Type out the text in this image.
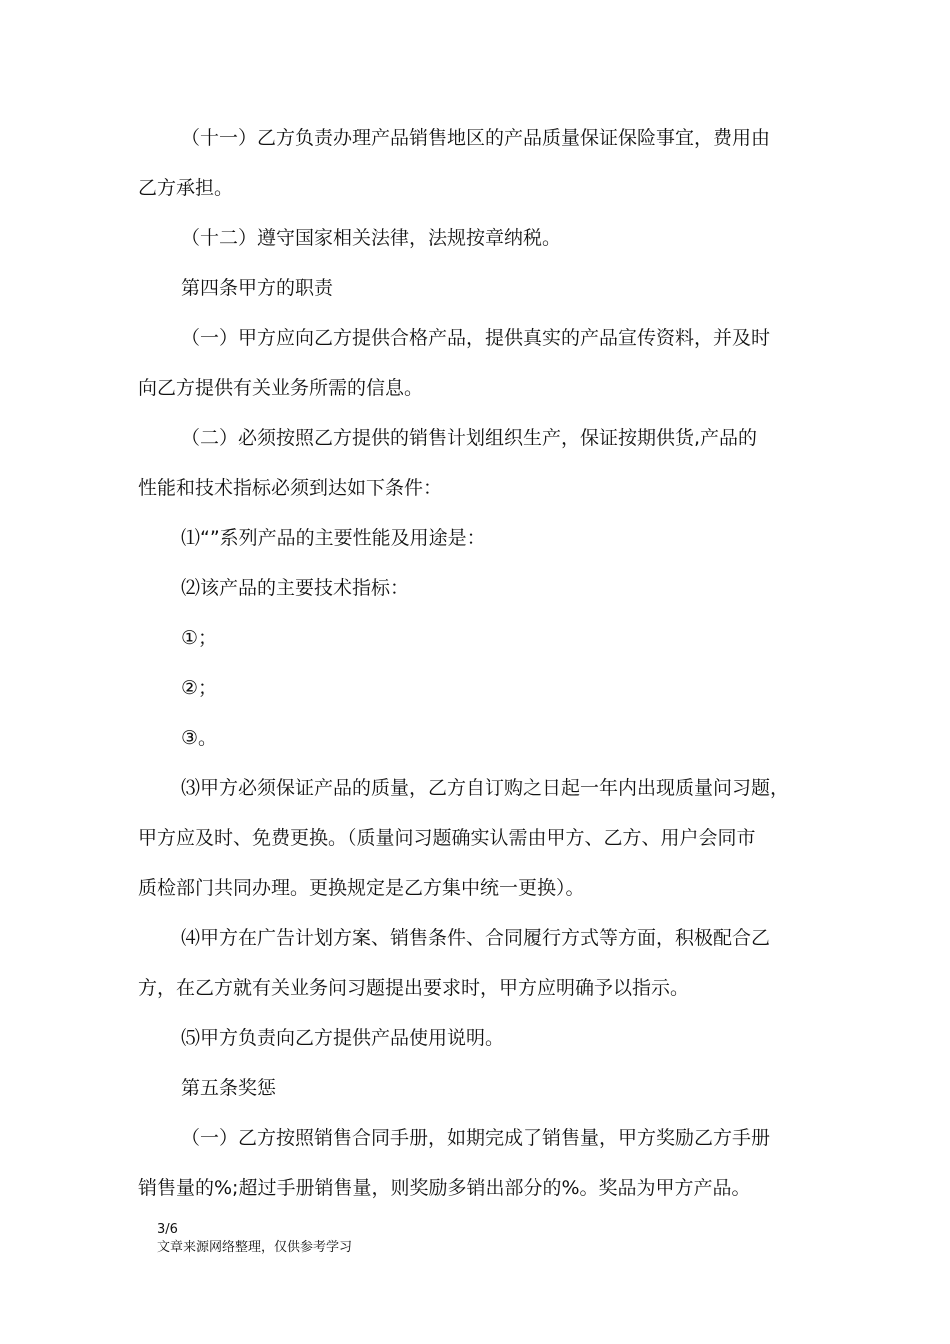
（十一）乙方负责办理产品销售地区的产品质量保证保险事宜，费用由
乙方承担。
（十二）遵守国家相关法律，法规按章纳税。
第四条甲方的职责
（一）甲方应向乙方提供合格产品，提供真实的产品宣传资料，并及时
向乙方提供有关业务所需的信息。
（二）必须按照乙方提供的销售计划组织生产，保证按期供货,产品的
性能和技术指标必须到达如下条件：
⑴“”系列产品的主要性能及用途是：
⑵该产品的主要技术指标：
①；
②；
③。
⑶甲方必须保证产品的质量，乙方自订购之日起一年内出现质量问习题，
甲方应及时、免费更换。（质量问习题确实认需由甲方、乙方、用户会同市
质检部门共同办理。更换规定是乙方集中统一更换）。
⑷甲方在广告计划方案、销售条件、合同履行方式等方面，积极配合乙
方，在乙方就有关业务问习题提出要求时，甲方应明确予以指示。
⑸甲方负责向乙方提供产品使用说明。
第五条奖惩
（一）乙方按照销售合同手册，如期完成了销售量，甲方奖励乙方手册
销售量的%;超过手册销售量，则奖励多销出部分的%。奖品为甲方产品。
3/6
文章来源网络整理，仅供参考学习
